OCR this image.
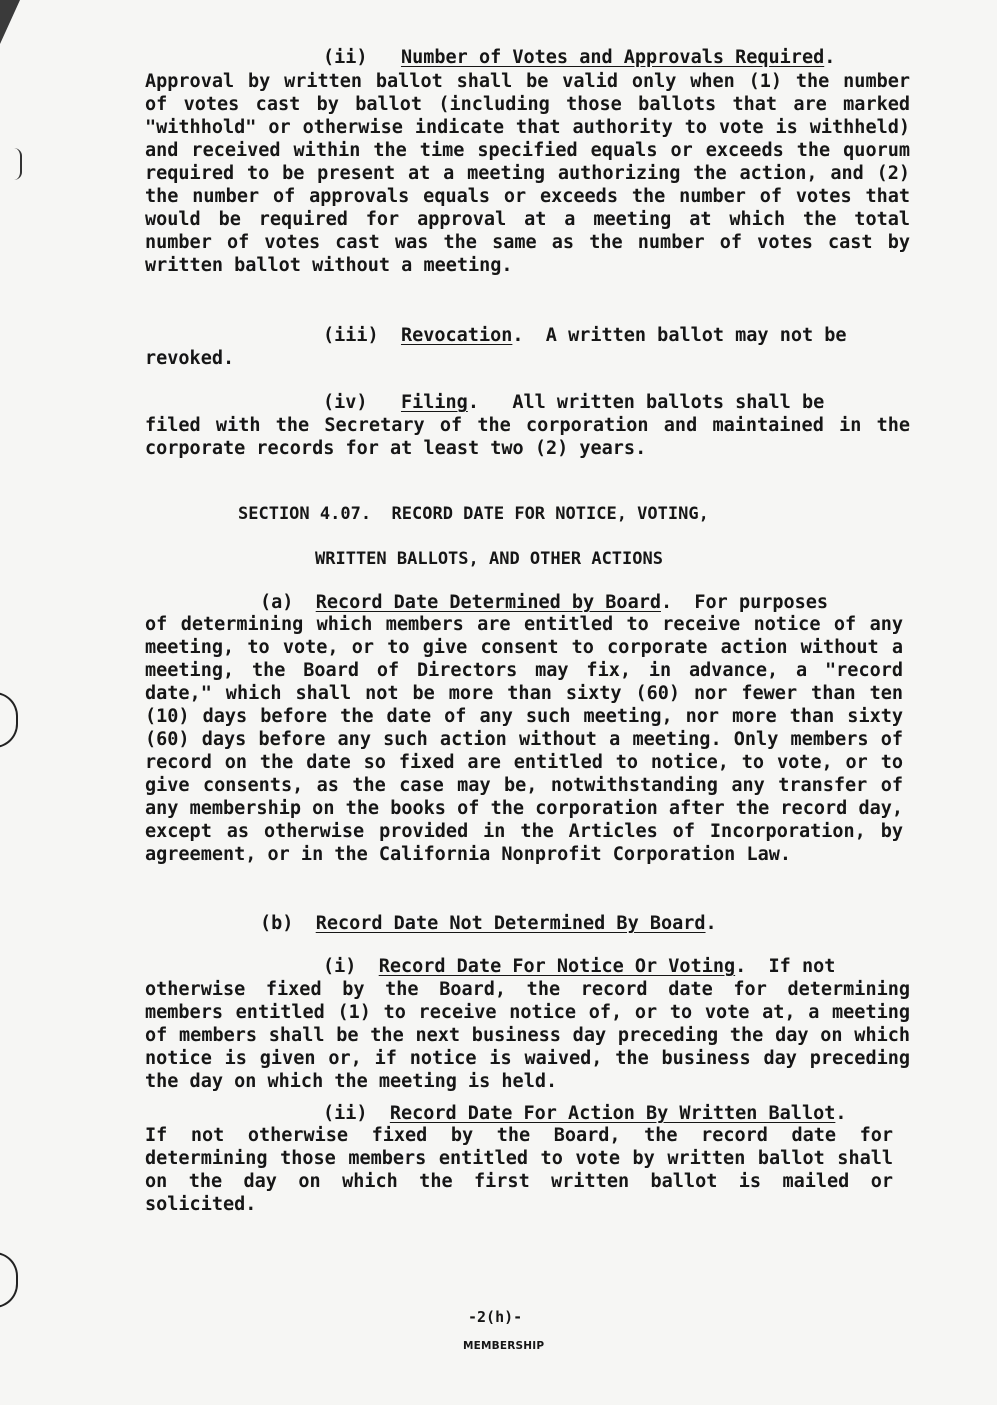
(ii) Number of Votes and Approvals Required.
Approval by written ballot shall be valid only when (1) the number of votes cast by ballot (including those ballots that are marked "withhold" or otherwise indicate that authority to vote is withheld) and received within the time specified equals or exceeds the quorum required to be present at a meeting authorizing the action, and (2) the number of approvals equals or exceeds the number of votes that would be required for approval at a meeting at which the total number of votes cast was the same as the number of votes cast by written ballot without a meeting.
(iii) Revocation.  A written ballot may not be
revoked.
(iv) Filing.   All written ballots shall be
filed with the Secretary of the corporation and maintained in the corporate records for at least two (2) years.
SECTION 4.07.  RECORD DATE FOR NOTICE, VOTING,
WRITTEN BALLOTS, AND OTHER ACTIONS
(a) Record Date Determined by Board.  For purposes
of determining which members are entitled to receive notice of any meeting, to vote, or to give consent to corporate action without a meeting, the Board of Directors may fix, in advance, a "record date," which shall not be more than sixty (60) nor fewer than ten (10) days before the date of any such meeting, nor more than sixty (60) days before any such action without a meeting. Only members of record on the date so fixed are entitled to notice, to vote, or to give consents, as the case may be, notwithstanding any transfer of any membership on the books of the corporation after the record day, except as otherwise provided in the Articles of Incorporation, by agreement, or in the California Nonprofit Corporation Law.
(b) Record Date Not Determined By Board.
(i) Record Date For Notice Or Voting.  If not
otherwise fixed by the Board, the record date for determining members entitled (1) to receive notice of, or to vote at, a meeting of members shall be the next business day preceding the day on which notice is given or, if notice is waived, the business day preceding the day on which the meeting is held.
(ii) Record Date For Action By Written Ballot.
If not otherwise fixed by the Board, the record date for determining those members entitled to vote by written ballot shall on the day on which the first written ballot is mailed or solicited.
-2(h)-
MEMBERSHIP
